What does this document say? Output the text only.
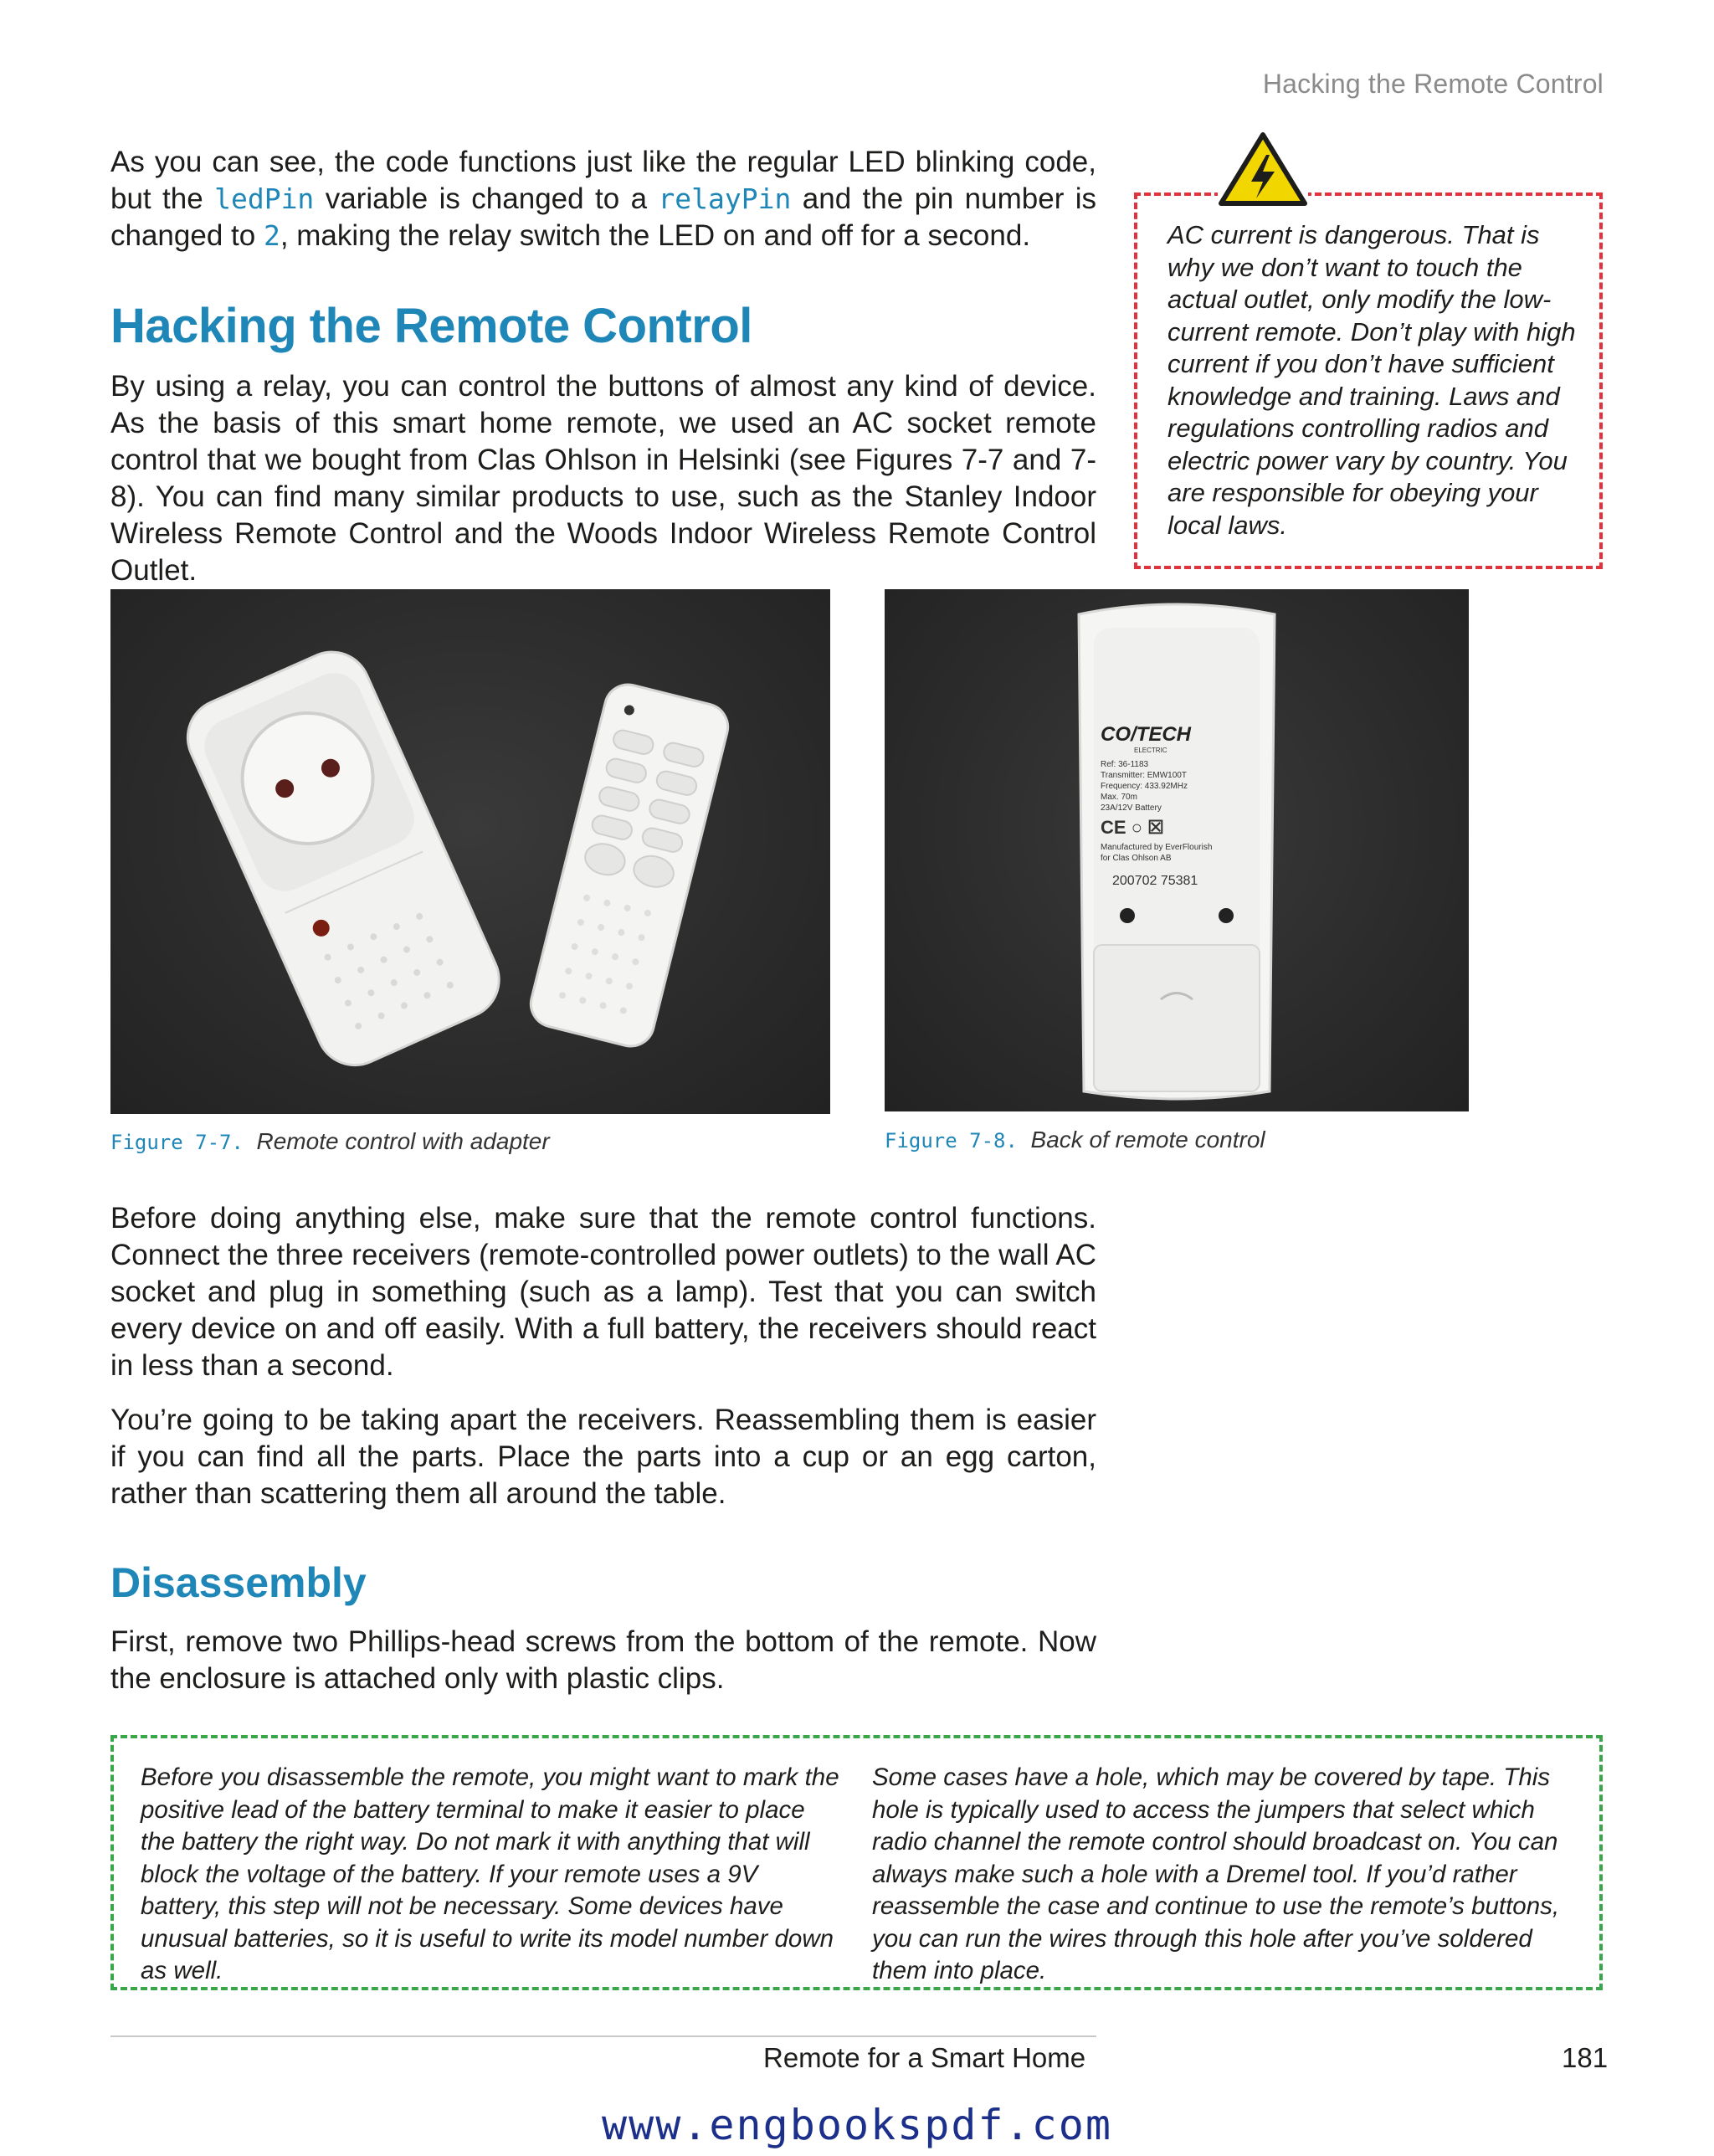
Hacking the Remote Control
As you can see, the code functions just like the regular LED blinking code, but the ledPin variable is changed to a relayPin and the pin number is changed to 2, making the relay switch the LED on and off for a second.
Hacking the Remote Control
By using a relay, you can control the buttons of almost any kind of device. As the basis of this smart home remote, we used an AC socket remote control that we bought from Clas Ohlson in Helsinki (see Figures 7-7 and 7-8). You can find many similar products to use, such as the Stanley Indoor Wireless Remote Control and the Woods Indoor Wireless Remote Control Outlet.
AC current is dangerous. That is why we don’t want to touch the actual outlet, only modify the low-current remote. Don’t play with high current if you don’t have sufficient knowledge and training. Laws and regulations controlling radios and electric power vary by country. You are responsible for obeying your local laws.
CO/TECH
ELECTRIC
Ref: 36-1183
Transmitter: EMW100T
Frequency: 433.92MHz
Max. 70m
23A/12V Battery
CE ○ ☒
Manufactured by EverFlourish
for Clas Ohlson AB
200702 75381
Figure 7-7. Remote control with adapter	Figure 7-8. Back of remote control
Before doing anything else, make sure that the remote control functions. Connect the three receivers (remote-controlled power outlets) to the wall AC socket and plug in something (such as a lamp). Test that you can switch every device on and off easily. With a full battery, the receivers should react in less than a second.
You’re going to be taking apart the receivers. Reassembling them is easier if you can find all the parts. Place the parts into a cup or an egg carton, rather than scattering them all around the table.
Disassembly
First, remove two Phillips-head screws from the bottom of the remote. Now the enclosure is attached only with plastic clips.
Before you disassemble the remote, you might want to mark the positive lead of the battery terminal to make it easier to place the battery the right way. Do not mark it with anything that will block the voltage of the battery. If your remote uses a 9V battery, this step will not be necessary. Some devices have unusual batteries, so it is useful to write its model number down as well.
Some cases have a hole, which may be covered by tape. This hole is typically used to access the jumpers that select which radio channel the remote control should broadcast on. You can always make such a hole with a Dremel tool. If you’d rather reassemble the case and continue to use the remote’s buttons, you can run the wires through this hole after you’ve soldered them into place.
Remote for a Smart Home	181
www.engbookspdf.com
